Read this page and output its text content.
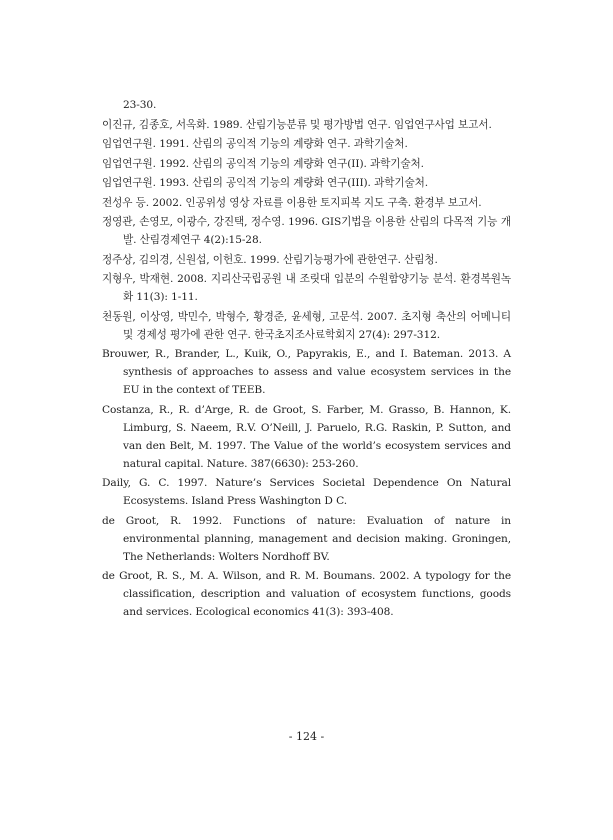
23-30.

이진규, 김종호, 서옥화. 1989. 산림기능분류 및 평가방법 연구. 임업연구사업 보고서.

임업연구원. 1991. 산림의 공익적 기능의 계량화 연구. 과학기술처.

임업연구원. 1992. 산림의 공익적 기능의 계량화 연구(II). 과학기술처.

임업연구원. 1993. 산림의 공익적 기능의 계량화 연구(III). 과학기술처.

전성우 등. 2002. 인공위성 영상 자료를 이용한 토지피복 지도 구축. 환경부 보고서.

정영관, 손영모, 이광수, 강진택, 정수영. 1996. GIS기법을 이용한 산림의 다목적 기능 개발. 산림경제연구 4(2):15-28.

정주상, 김의경, 신원섭, 이헌호. 1999. 산림기능평가에 관한연구. 산림청.

지형우, 박재현. 2008. 지리산국립공원 내 조릿대 입분의 수원함양기능 분석. 환경복원녹화 11(3): 1-11.

천동원, 이상영, 박민수, 박형수, 황경준, 윤세형, 고문석. 2007. 초지형 축산의 어메니티 및 경제성 평가에 관한 연구. 한국초지조사료학회지 27(4): 297-312.

Brouwer, R., Brander, L., Kuik, O., Papyrakis, E., and I. Bateman. 2013. A synthesis of approaches to assess and value ecosystem services in the EU in the context of TEEB.

Costanza, R., R. d’Arge, R. de Groot, S. Farber, M. Grasso, B. Hannon, K. Limburg, S. Naeem, R.V. O’Neill, J. Paruelo, R.G. Raskin, P. Sutton, and van den Belt, M. 1997. The Value of the world’s ecosystem services and natural capital. Nature. 387(6630): 253-260.

Daily, G. C. 1997. Nature’s Services Societal Dependence On Natural Ecosystems. Island Press Washington D C.

de Groot, R. 1992. Functions of nature: Evaluation of nature in environmental planning, management and decision making. Groningen, The Netherlands: Wolters Nordhoff BV.

de Groot, R. S., M. A. Wilson, and R. M. Boumans. 2002. A typology for the classification, description and valuation of ecosystem functions, goods and services. Ecological economics 41(3): 393-408.

- 124 -
